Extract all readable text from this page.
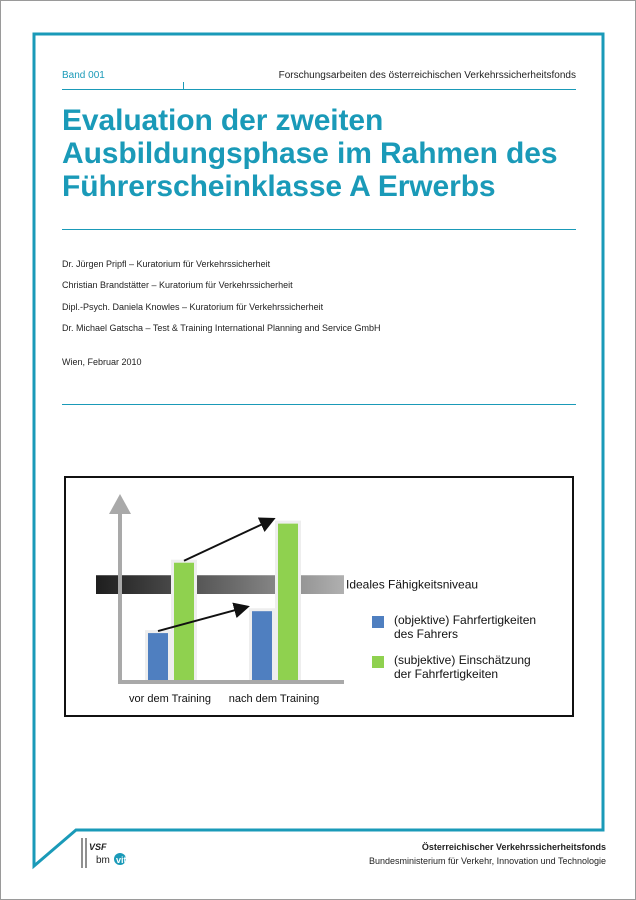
Band 001	Forschungsarbeiten des österreichischen Verkehrssicherheitsfonds
Evaluation der zweiten
Ausbildungsphase im Rahmen des
Führerscheinklasse A Erwerbs
Dr. Jürgen Pripfl – Kuratorium für Verkehrssicherheit
Christian Brandstätter – Kuratorium für Verkehrssicherheit
Dipl.-Psych. Daniela Knowles – Kuratorium für Verkehrssicherheit
Dr. Michael Gatscha – Test & Training International Planning and Service GmbH
Wien, Februar 2010
Ideales Fähigkeitsniveau
vor dem Training nach dem Training
(objektive) Fahrfertigkeiten
des Fahrers
(subjektive) Einschätzung
der Fahrfertigkeiten
VSF
bm vit
Österreichischer Verkehrssicherheitsfonds
Bundesministerium für Verkehr, Innovation und Technologie
